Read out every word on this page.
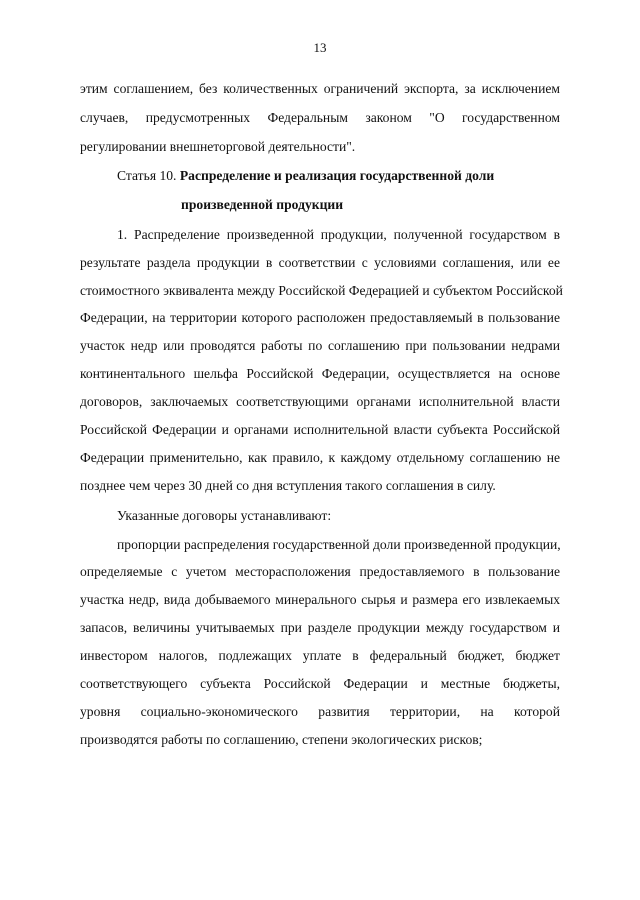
13
этим соглашением, без количественных ограничений экспорта, за исключением
случаев, предусмотренных Федеральным законом "О государственном
регулировании внешнеторговой деятельности".
Статья 10. Распределение и реализация государственной доли
произведенной продукции
1. Распределение произведенной продукции, полученной государством в
результате раздела продукции в соответствии с условиями соглашения, или ее
стоимостного эквивалента между Российской Федерацией и субъектом Российской
Федерации, на территории которого расположен предоставляемый в пользование
участок недр или проводятся работы по соглашению при пользовании недрами
континентального шельфа Российской Федерации, осуществляется на основе
договоров, заключаемых соответствующими органами исполнительной власти
Российской Федерации и органами исполнительной власти субъекта Российской
Федерации применительно, как правило, к каждому отдельному соглашению не
позднее чем через 30 дней со дня вступления такого соглашения в силу.
Указанные договоры устанавливают:
пропорции распределения государственной доли произведенной продукции,
определяемые с учетом месторасположения предоставляемого в пользование
участка недр, вида добываемого минерального сырья и размера его извлекаемых
запасов, величины учитываемых при разделе продукции между государством и
инвестором налогов, подлежащих уплате в федеральный бюджет, бюджет
соответствующего субъекта Российской Федерации и местные бюджеты,
уровня социально-экономического развития территории, на которой
производятся работы по соглашению, степени экологических рисков;
